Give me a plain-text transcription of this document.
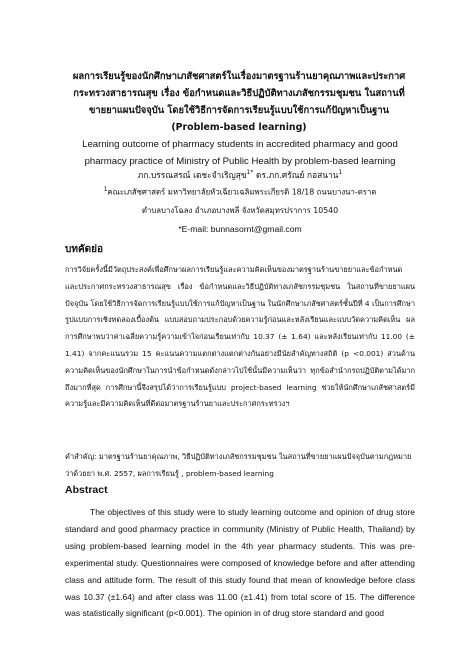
ผลการเรียนรู้ของนักศึกษาเภสัชศาสตร์ในเรื่องมาตรฐานร้านยาคุณภาพและประกาศ กระทรวงสาธารณสุข เรื่อง ข้อกำหนดและวิธีปฏิบัติทางเภสัชกรรมชุมชน ในสถานที่ ขายยาแผนปัจจุบัน โดยใช้วิธีการจัดการเรียนรู้แบบใช้การแก้ปัญหาเป็นฐาน (Problem-based learning)
Learning outcome of pharmacy students in accredited pharmacy and good pharmacy practice of Ministry of Public Health by problem-based learning
ภก.บรรณสรณ์ เตชะจำเริญสุข$^{1*}$ ดร.ภก.ศรัณย์ กอสนาน$^1$
$^1$คณะเภสัชศาสตร์ มหาวิทยาลัยหัวเฉียวเฉลิมพระเกียรติ 18/18 ถนนบางนา-ตราด
ตำบลบางโฉลง อำเภอบางพลี จังหวัดสมุทรปราการ 10540
*E-mail: bunnasornt@gmail.com
บทคัดย่อ

การวิจัยครั้งนี้มีวัตถุประสงค์เพื่อศึกษาผลการเรียนรู้และความคิดเห็นของมาตรฐานร้านขายยาและข้อกำหนดและประกาศกระทรวงสาธารณสุข เรื่อง ข้อกำหนดและวิธีปฏิบัติทางเภสัชกรรมชุมชน ในสถานที่ขายยาแผนปัจจุบัน โดยใช้วิธีการจัดการเรียนรู้แบบใช้การแก้ปัญหาเป็นฐาน ในนักศึกษาเภสัชศาสตร์ชั้นปีที่ 4 เป็นการศึกษารูปแบบการเชิงทดลองเบื้องต้น แบบสอบถามประกอบด้วยความรู้ก่อนและหลังเรียนและแบบวัดความคิดเห็น ผลการศึกษาพบว่าค่าเฉลี่ยความรู้ความเข้าใจก่อนเรียนเท่ากับ 10.37 (± 1.64) และหลังเรียนเท่ากับ 11.00 (± 1.41) จากคะแนนรวม 15 คะแนนความแตกต่างแตกต่างกันอย่างมีนัยสำคัญทางสถิติ (p <0.001) ส่วนด้านความคิดเห็นของนักศึกษาในการนำข้อกำหนดดังกล่าวไปใช้นั้นมีความเห็นว่า ทุกข้อสำนำกรถปฏิบัติตามได้มากถึงมากที่สุด การศึกษานี้จึงสรุปได้ว่าการเรียนรู้แบบ project-based learning ช่วยให้นักศึกษาเภสัชศาสตร์มีความรู้และมีความคิดเห็นที่ดีต่อมาตรฐานร้านยาและประกาศกระทรวงฯ

คำสำคัญ: มาตรฐานร้านยาคุณภาพ, วิธีปฏิบัติทางเภสัชกรรมชุมชน ในสถานที่ขายยาแผนปัจจุบันตามกฎหมายว่าด้วยยา พ.ศ. 2557, ผลการเรียนรู้ , problem-based learning
Abstract

The objectives of this study were to study learning outcome and opinion of drug store standard and good pharmacy practice in community (Ministry of Public Health, Thailand) by using problem-based learning model in the 4th year pharmacy students. This was pre-experimental study. Questionnaires were composed of knowledge before and after attending class and attitude form. The result of this study found that mean of knowledge before class was 10.37 (±1.64) and after class was 11.00 (±1.41) from total score of 15. The difference was statistically significant (p<0.001). The opinion in of drug store standard and good
